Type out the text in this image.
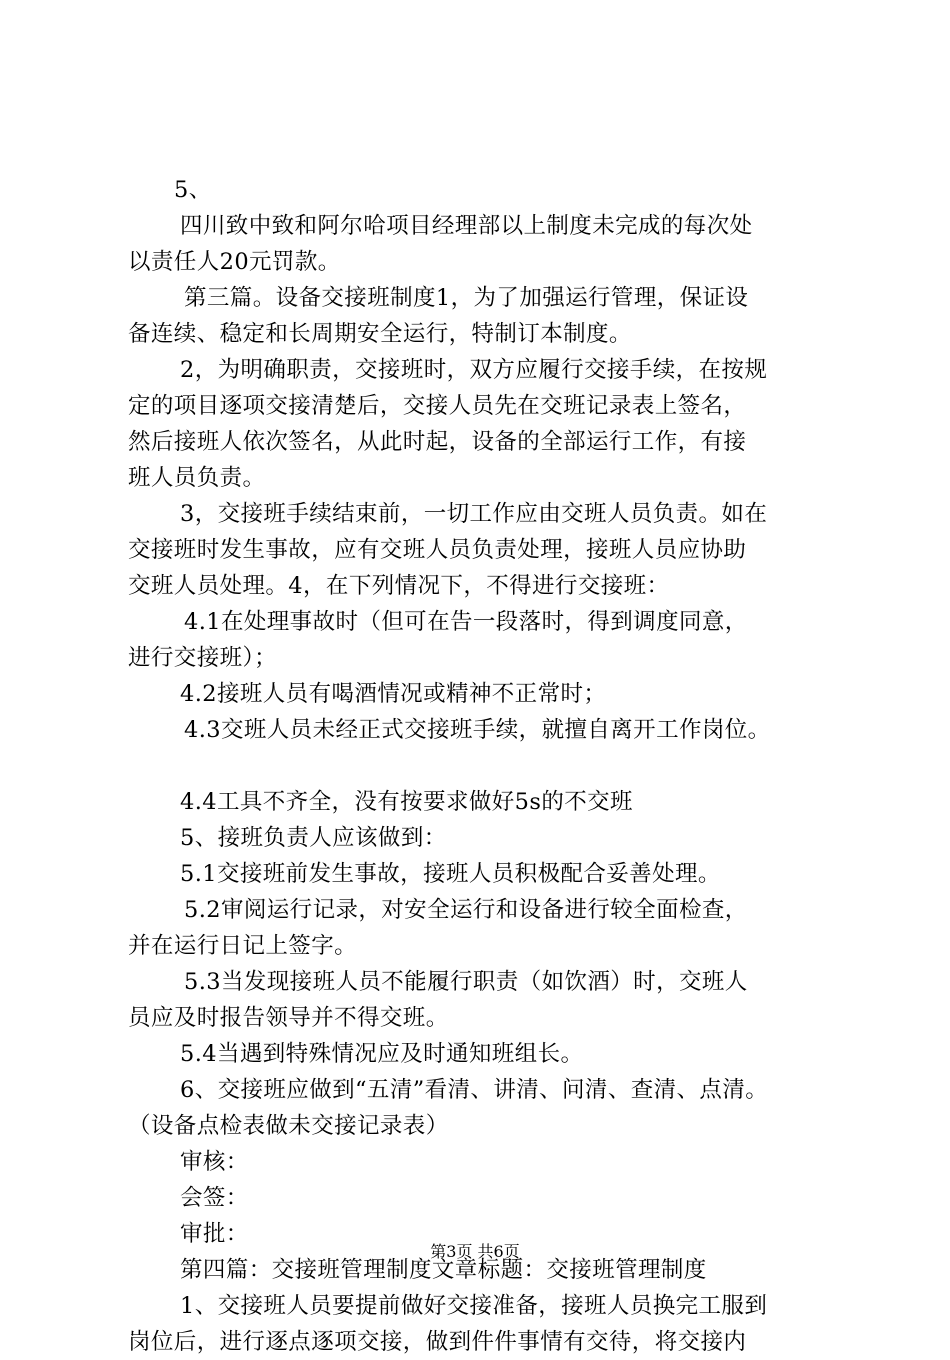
5、
四川致中致和阿尔哈项目经理部以上制度未完成的每次处
以责任人20元罚款。
第三篇。设备交接班制度1，为了加强运行管理，保证设
备连续、稳定和长周期安全运行，特制订本制度。
2，为明确职责，交接班时，双方应履行交接手续，在按规
定的项目逐项交接清楚后，交接人员先在交班记录表上签名，
然后接班人依次签名，从此时起，设备的全部运行工作，有接
班人员负责。
3，交接班手续结束前，一切工作应由交班人员负责。如在
交接班时发生事故，应有交班人员负责处理，接班人员应协助
交班人员处理。4，在下列情况下，不得进行交接班：
4.1在处理事故时（但可在告一段落时，得到调度同意，
进行交接班）；
4.2接班人员有喝酒情况或精神不正常时；
4.3交班人员未经正式交接班手续，就擅自离开工作岗位。
4.4工具不齐全，没有按要求做好5s的不交班
5、接班负责人应该做到：
5.1交接班前发生事故，接班人员积极配合妥善处理。
5.2审阅运行记录，对安全运行和设备进行较全面检查，
并在运行日记上签字。
5.3当发现接班人员不能履行职责（如饮酒）时，交班人
员应及时报告领导并不得交班。
5.4当遇到特殊情况应及时通知班组长。
6、交接班应做到“五清”看清、讲清、问清、查清、点清。
（设备点检表做未交接记录表）
审核：
会签：
审批：
第四篇：交接班管理制度文章标题：交接班管理制度
1、交接班人员要提前做好交接准备，接班人员换完工服到
岗位后，进行逐点逐项交接，做到件件事情有交待，将交接内
第3页 共6页
